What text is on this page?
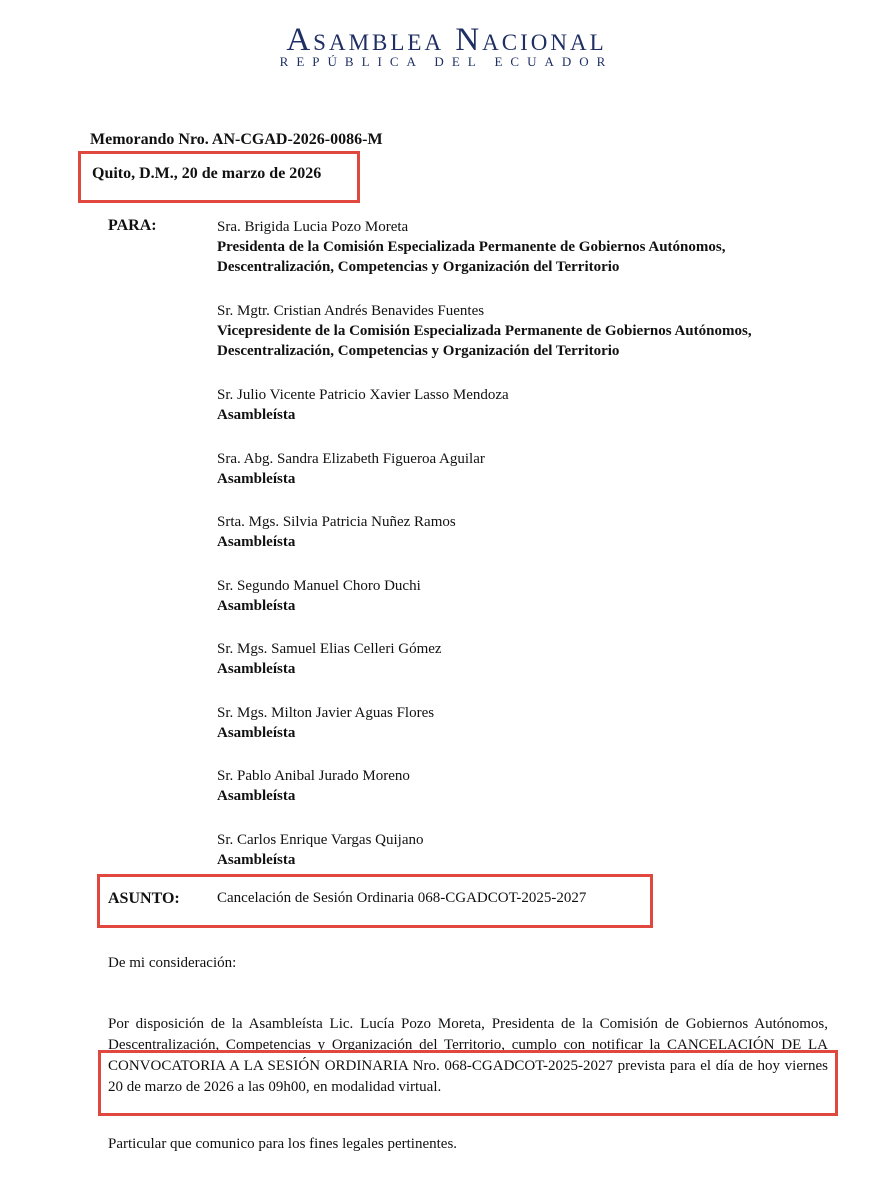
Asamblea Nacional
REPÚBLICA DEL ECUADOR
Memorando Nro. AN-CGAD-2026-0086-M
Quito, D.M., 20 de marzo de 2026
PARA:	Sra. Brigida Lucia Pozo Moreta
Presidenta de la Comisión Especializada Permanente de Gobiernos Autónomos, Descentralización, Competencias y Organización del Territorio
Sr. Mgtr. Cristian Andrés Benavides Fuentes
Vicepresidente de la Comisión Especializada Permanente de Gobiernos Autónomos, Descentralización, Competencias y Organización del Territorio
Sr. Julio Vicente Patricio Xavier Lasso Mendoza
Asambleísta
Sra. Abg. Sandra Elizabeth Figueroa Aguilar
Asambleísta
Srta. Mgs. Silvia Patricia Nuñez Ramos
Asambleísta
Sr. Segundo Manuel Choro Duchi
Asambleísta
Sr. Mgs. Samuel Elias Celleri Gómez
Asambleísta
Sr. Mgs. Milton Javier Aguas Flores
Asambleísta
Sr. Pablo Anibal Jurado Moreno
Asambleísta
Sr. Carlos Enrique Vargas Quijano
Asambleísta
ASUNTO: Cancelación de Sesión Ordinaria 068-CGADCOT-2025-2027
De mi consideración:
Por disposición de la Asambleísta Lic. Lucía Pozo Moreta, Presidenta de la Comisión de Gobiernos Autónomos, Descentralización, Competencias y Organización del Territorio, cumplo con notificar la CANCELACIÓN DE LA CONVOCATORIA A LA SESIÓN ORDINARIA Nro. 068-CGADCOT-2025-2027 prevista para el día de hoy viernes 20 de marzo de 2026 a las 09h00, en modalidad virtual.
Particular que comunico para los fines legales pertinentes.
